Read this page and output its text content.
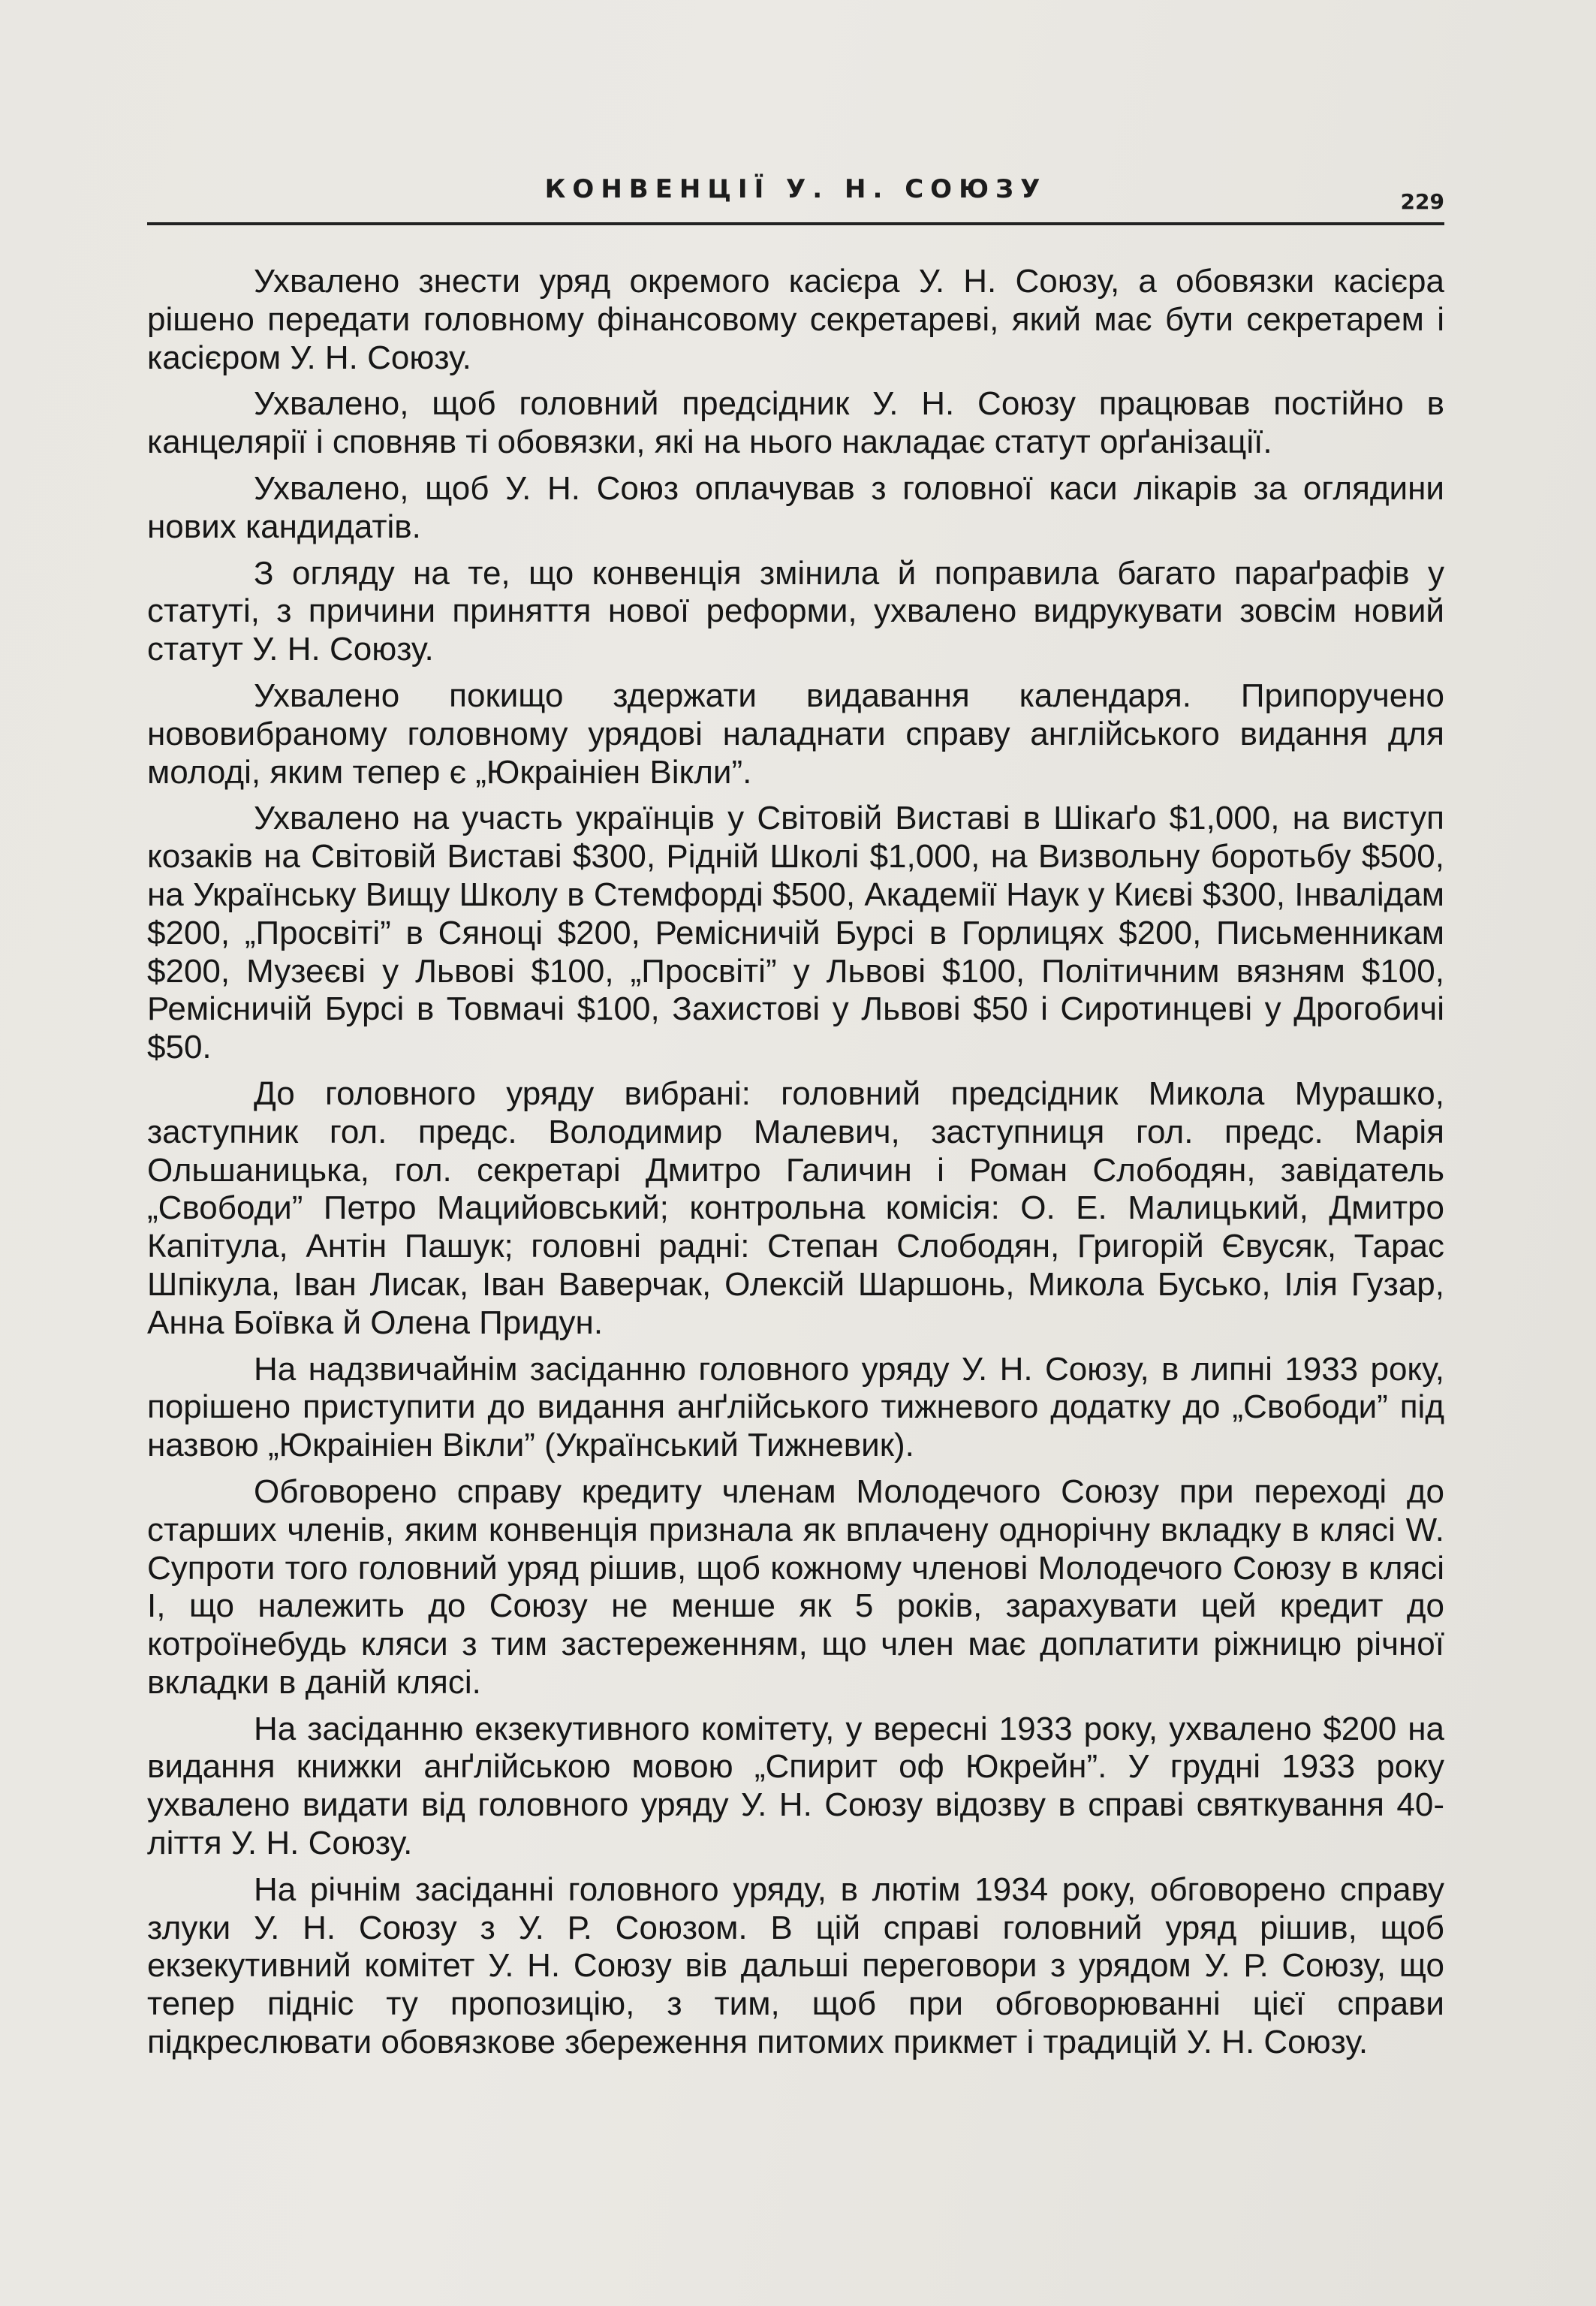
КОНВЕНЦІЇ У. Н. СОЮЗУ	229

Ухвалено знести уряд окремого касієра У. Н. Союзу, а обовязки касієра рішено передати головному фінансовому секретареві, який має бути секретарем і касієром У. Н. Союзу.

Ухвалено, щоб головний предсідник У. Н. Союзу працював постійно в канцелярії і сповняв ті обовязки, які на нього накладає статут орґанізації.

Ухвалено, щоб У. Н. Союз оплачував з головної каси лікарів за оглядини нових кандидатів.

З огляду на те, що конвенція змінила й поправила багато параґрафів у статуті, з причини приняття нової реформи, ухвалено видрукувати зовсім новий статут У. Н. Союзу.

Ухвалено покищо здержати видавання календаря. Припоручено нововибраному головному урядові наладнати справу англійського видання для молоді, яким тепер є „Юкраініен Вікли”.

Ухвалено на участь українців у Світовій Виставі в Шікаґо $1,000, на виступ козаків на Світовій Виставі $300, Рідній Школі $1,000, на Визвольну боротьбу $500, на Українську Вищу Школу в Стемфорді $500, Академії Наук у Києві $300, Інвалідам $200, „Просвіті” в Сяноці $200, Ремісничій Бурсі в Горлицях $200, Письменникам $200, Музеєві у Львові $100, „Просвіті” у Львові $100, Політичним вязням $100, Ремісничій Бурсі в Товмачі $100, Захистові у Львові $50 і Сиротинцеві у Дрогобичі $50.

До головного уряду вибрані: головний предсідник Микола Мурашко, заступник гол. предс. Володимир Малевич, заступниця гол. предс. Марія Ольшаницька, гол. секретарі Дмитро Галичин і Роман Слободян, завідатель „Свободи” Петро Мацийовський; контрольна комісія: О. Е. Малицький, Дмитро Капітула, Антін Пашук; головні радні: Степан Слободян, Григорій Євусяк, Тарас Шпікула, Іван Лисак, Іван Ваверчак, Олексій Шаршонь, Микола Бусько, Ілія Гузар, Анна Боївка й Олена Придун.

На надзвичайнім засіданню головного уряду У. Н. Союзу, в липні 1933 року, порішено приступити до видання анґлійського тижневого додатку до „Свободи” під назвою „Юкраініен Вікли” (Український Тижневик).

Обговорено справу кредиту членам Молодечого Союзу при переході до старших членів, яким конвенція признала як вплачену однорічну вкладку в клясі W. Супроти того головний уряд рішив, щоб кожному членові Молодечого Союзу в клясі І, що належить до Союзу не менше як 5 років, зарахувати цей кредит до котроїнебудь кляси з тим застереженням, що член має доплатити ріжницю річної вкладки в даній клясі.

На засіданню екзекутивного комітету, у вересні 1933 року, ухвалено $200 на видання книжки анґлійською мовою „Спирит оф Юкрейн”. У грудні 1933 року ухвалено видати від головного уряду У. Н. Союзу відозву в справі святкування 40-ліття У. Н. Союзу.

На річнім засіданні головного уряду, в лютім 1934 року, обговорено справу злуки У. Н. Союзу з У. Р. Союзом. В цій справі головний уряд рішив, щоб екзекутивний комітет У. Н. Союзу вів дальші переговори з урядом У. Р. Союзу, що тепер підніс ту пропозицію, з тим, щоб при обговорюванні цієї справи підкреслювати обовязкове збереження питомих прикмет і традицій У. Н. Союзу.
